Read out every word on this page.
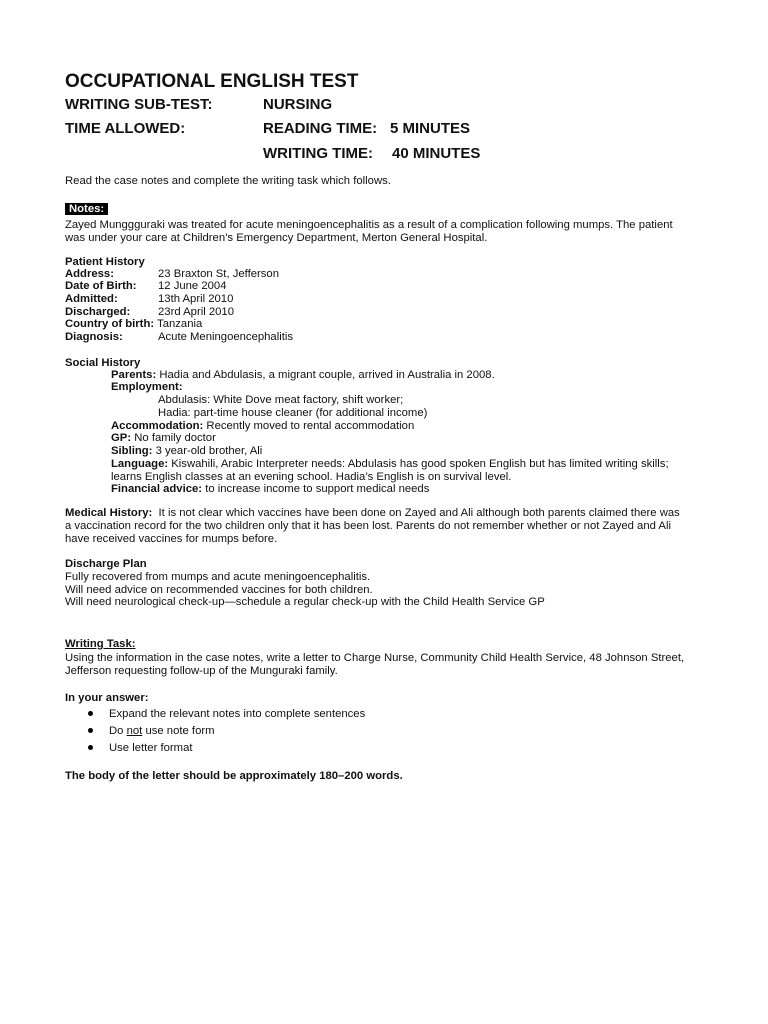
OCCUPATIONAL ENGLISH TEST
WRITING SUB-TEST:	NURSING
TIME ALLOWED:	READING TIME: 5 MINUTES
WRITING TIME: 40 MINUTES
Read the case notes and complete the writing task which follows.
Notes:
Zayed Munggguraki was treated for acute meningoencephalitis as a result of a complication following mumps. The patient
was under your care at Children’s Emergency Department, Merton General Hospital.
Patient History
Address:	23 Braxton St, Jefferson
Date of Birth: 12 June 2004
Admitted:	13th April 2010
Discharged: 23rd April 2010
Country of birth: Tanzania
Diagnosis:	Acute Meningoencephalitis
Social History
Parents: Hadia and Abdulasis, a migrant couple, arrived in Australia in 2008.
Employment:
Abdulasis: White Dove meat factory, shift worker;
Hadia: part-time house cleaner (for additional income)
Accommodation: Recently moved to rental accommodation
GP: No family doctor
Sibling: 3 year-old brother, Ali
Language: Kiswahili, Arabic Interpreter needs: Abdulasis has good spoken English but has limited writing skills;
learns English classes at an evening school. Hadia’s English is on survival level.
Financial advice: to increase income to support medical needs
Medical History: It is not clear which vaccines have been done on Zayed and Ali although both parents claimed there was
a vaccination record for the two children only that it has been lost. Parents do not remember whether or not Zayed and Ali
have received vaccines for mumps before.
Discharge Plan
Fully recovered from mumps and acute meningoencephalitis.
Will need advice on recommended vaccines for both children.
Will need neurological check-up—schedule a regular check-up with the Child Health Service GP
Writing Task:
Using the information in the case notes, write a letter to Charge Nurse, Community Child Health Service, 48 Johnson Street,
Jefferson requesting follow-up of the Munguraki family.
In your answer:
Expand the relevant notes into complete sentences
Do not use note form
Use letter format
The body of the letter should be approximately 180–200 words.
